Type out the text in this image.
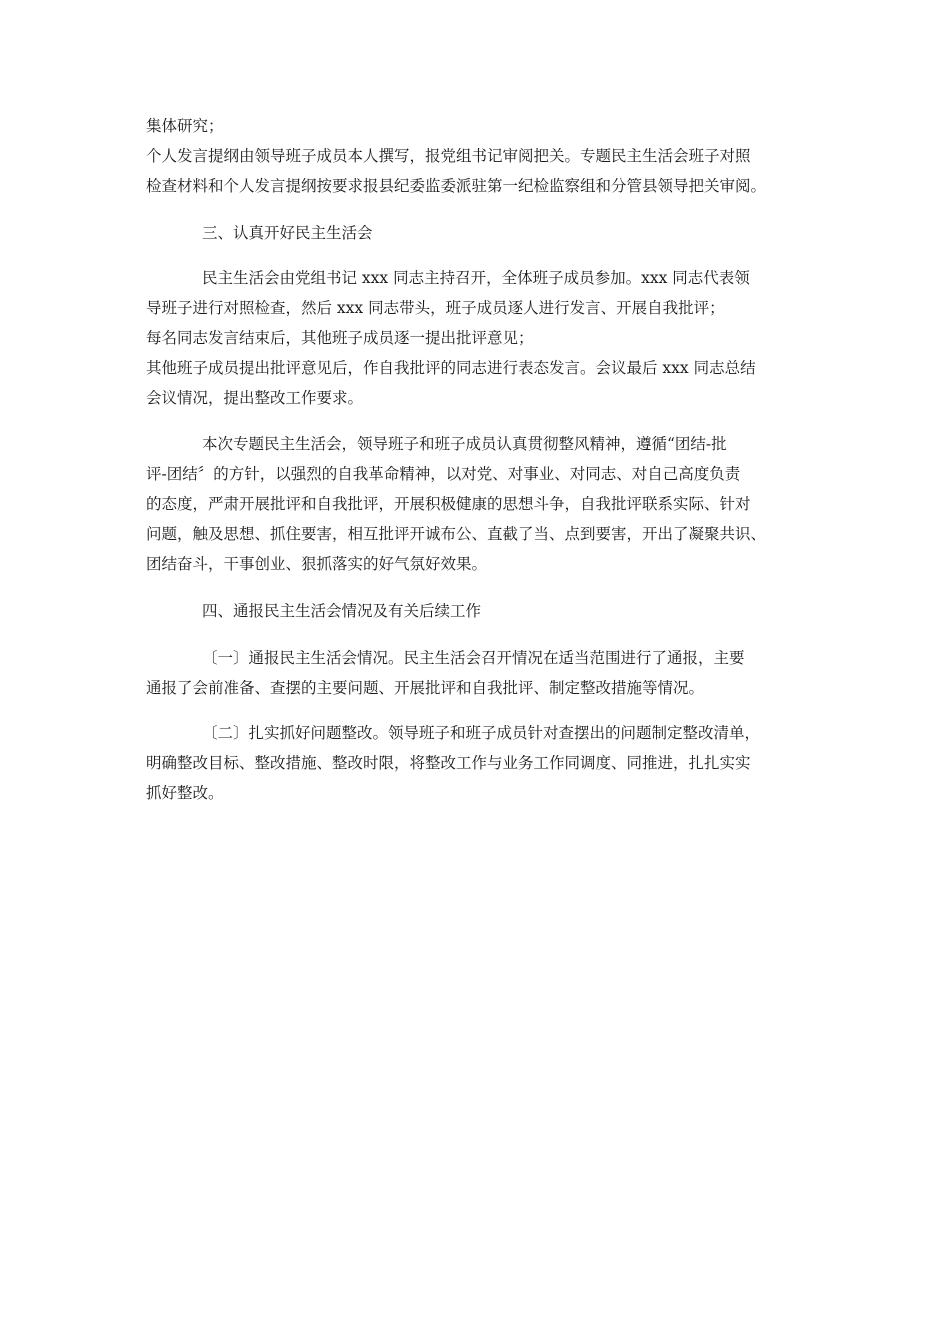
集体研究；
个人发言提纲由领导班子成员本人撰写，报党组书记审阅把关。专题民主生活会班子对照
检查材料和个人发言提纲按要求报县纪委监委派驻第一纪检监察组和分管县领导把关审阅。
三、认真开好民主生活会
民主生活会由党组书记 xxx 同志主持召开，全体班子成员参加。xxx 同志代表领
导班子进行对照检查，然后 xxx 同志带头，班子成员逐人进行发言、开展自我批评；
每名同志发言结束后，其他班子成员逐一提出批评意见；
其他班子成员提出批评意见后，作自我批评的同志进行表态发言。会议最后 xxx 同志总结
会议情况，提出整改工作要求。
本次专题民主生活会，领导班子和班子成员认真贯彻整风精神，遵循“团结-批
评-团结〞的方针，以强烈的自我革命精神，以对党、对事业、对同志、对自己高度负责
的态度，严肃开展批评和自我批评，开展积极健康的思想斗争，自我批评联系实际、针对
问题，触及思想、抓住要害，相互批评开诚布公、直截了当、点到要害，开出了凝聚共识、
团结奋斗，干事创业、狠抓落实的好气氛好效果。
四、通报民主生活会情况及有关后续工作
〔一〕通报民主生活会情况。民主生活会召开情况在适当范围进行了通报，主要
通报了会前准备、查摆的主要问题、开展批评和自我批评、制定整改措施等情况。
〔二〕扎实抓好问题整改。领导班子和班子成员针对查摆出的问题制定整改清单，
明确整改目标、整改措施、整改时限，将整改工作与业务工作同调度、同推进，扎扎实实
抓好整改。
